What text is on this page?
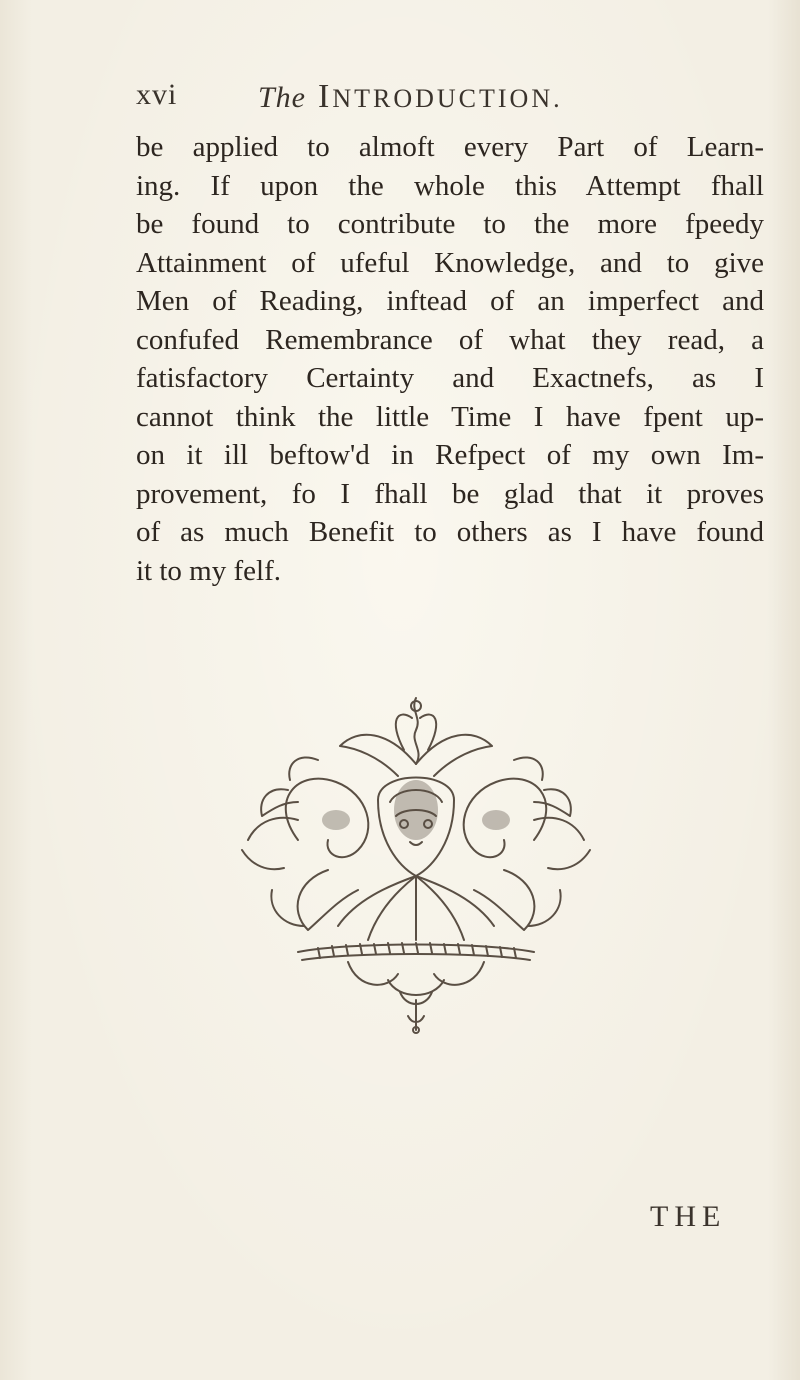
xvi	The INTRODUCTION.
be applied to almoft every Part of Learn-
ing. If upon the whole this Attempt fhall
be found to contribute to the more fpeedy
Attainment of ufeful Knowledge, and to give
Men of Reading, inftead of an imperfect and
confufed Remembrance of what they read, a
fatisfactory Certainty and Exactnefs, as I
cannot think the little Time I have fpent up-
on it ill beftow'd in Refpect of my own Im-
provement, fo I fhall be glad that it proves
of as much Benefit to others as I have found
it to my felf.
THE
